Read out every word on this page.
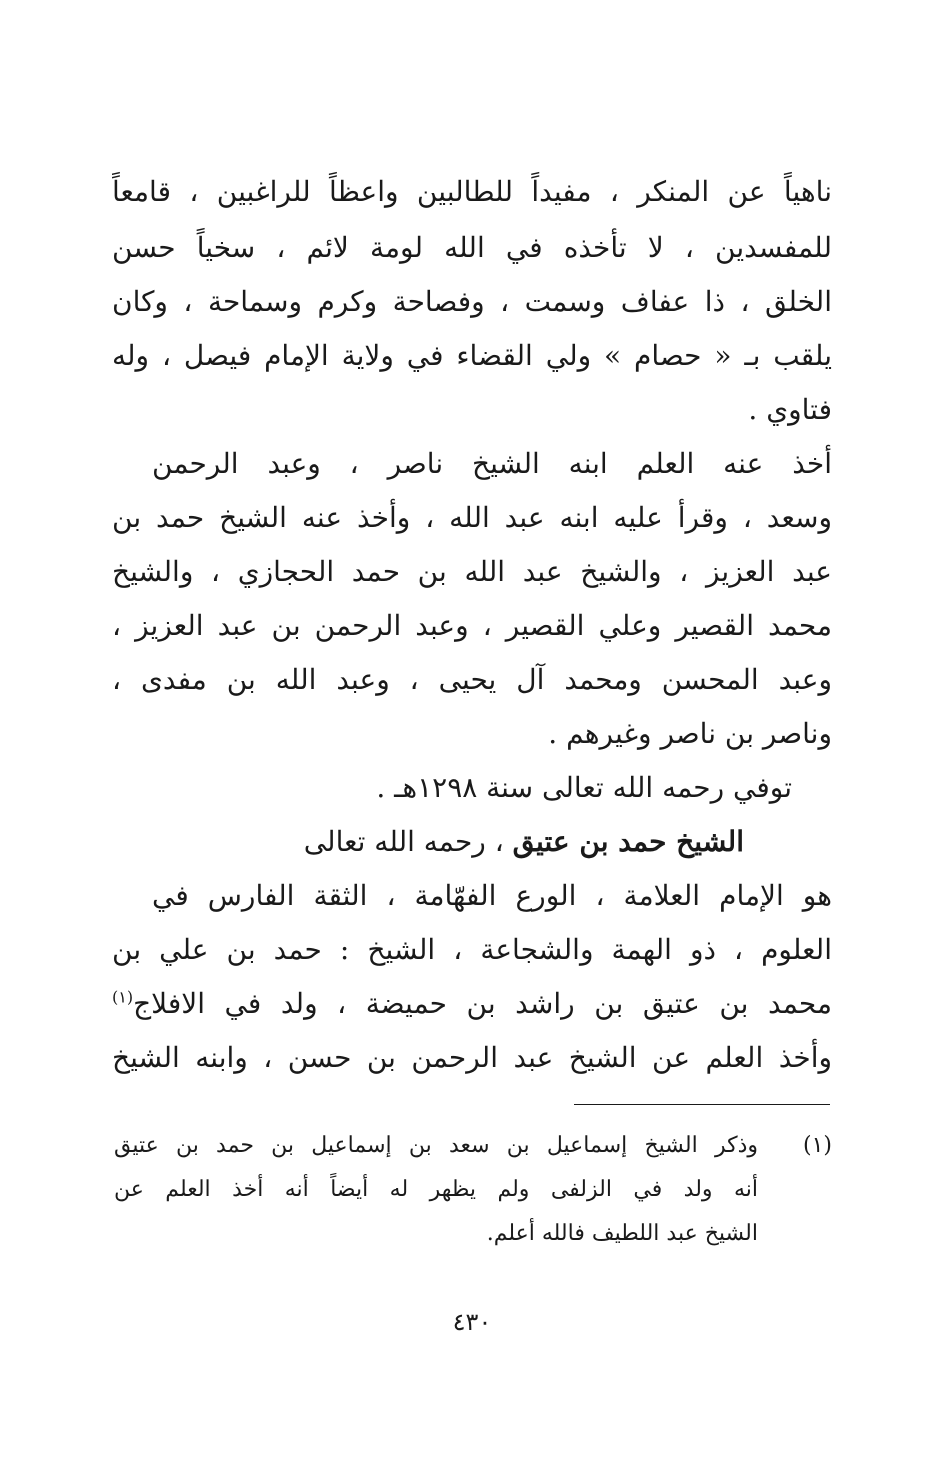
ناهياً عن المنكر ، مفيداً للطالبين واعظاً للراغبين ، قامعاً
للمفسدين ، لا تأخذه في الله لومة لائم ، سخياً حسن
الخلق ، ذا عفاف وسمت ، وفصاحة وكرم وسماحة ، وكان
يلقب بـ « حصام » ولي القضاء في ولاية الإمام فيصل ، وله
فتاوي .
أخذ عنه العلم ابنه الشيخ ناصر ، وعبد الرحمن
وسعد ، وقرأ عليه ابنه عبد الله ، وأخذ عنه الشيخ حمد بن
عبد العزيز ، والشيخ عبد الله بن حمد الحجازي ، والشيخ
محمد القصير وعلي القصير ، وعبد الرحمن بن عبد العزيز ،
وعبد المحسن ومحمد آل يحيى ، وعبد الله بن مفدى ،
وناصر بن ناصر وغيرهم .
توفي رحمه الله تعالى سنة ١٢٩٨هـ .
الشيخ حمد بن عتيق ، رحمه الله تعالى
هو الإمام العلامة ، الورع الفهّامة ، الثقة الفارس في
العلوم ، ذو الهمة والشجاعة ، الشيخ : حمد بن علي بن
محمد بن عتيق بن راشد بن حميضة ، ولد في الافلاج$^{(١)}$
وأخذ العلم عن الشيخ عبد الرحمن بن حسن ، وابنه الشيخ
(١)
وذكر الشيخ إسماعيل بن سعد بن إسماعيل بن حمد بن عتيق
أنه ولد في الزلفى ولم يظهر له أيضاً أنه أخذ العلم عن
الشيخ عبد اللطيف فالله أعلم.
٤٣٠
